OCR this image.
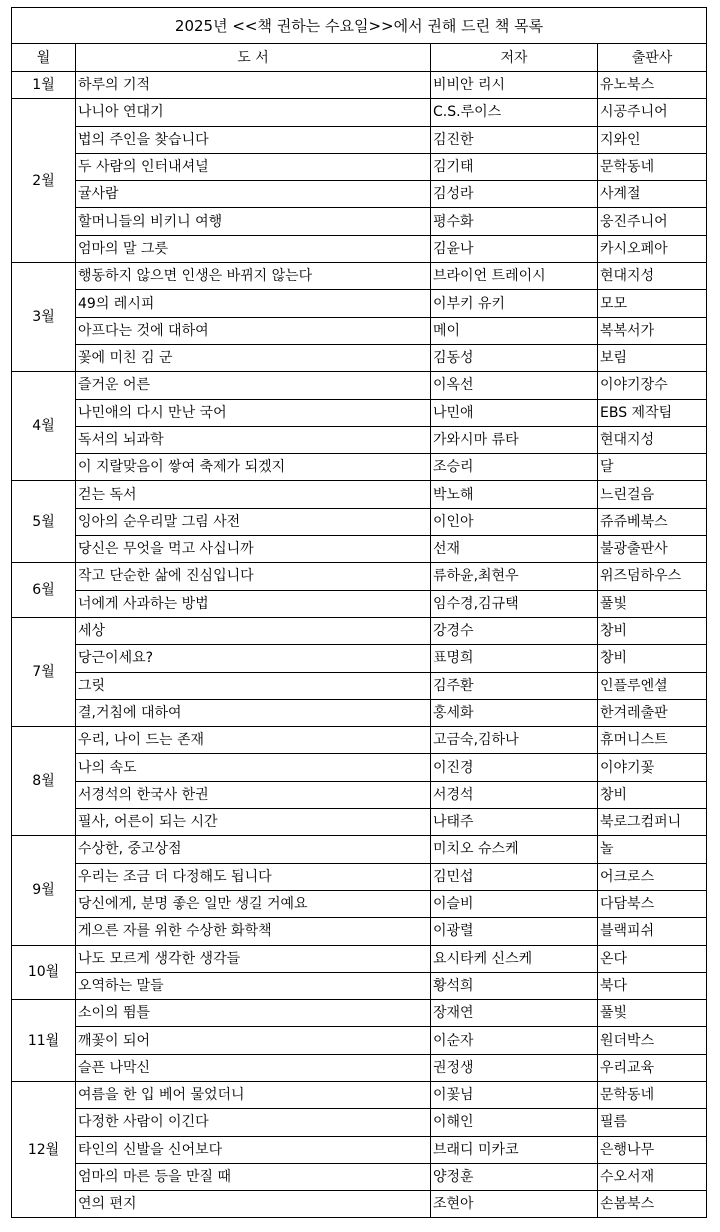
2025년 <<책 권하는 수요일>>에서 권해 드린 책 목록			
월	도 서	저자	출판사
1월	하루의 기적	비비안 리시	유노북스
2월	나니아 연대기	C.S.루이스	시공주니어
	법의 주인을 찾습니다	김진한	지와인
	두 사람의 인터내셔널	김기태	문학동네
	귤사람	김성라	사계절
	할머니들의 비키니 여행	평수화	웅진주니어
	엄마의 말 그릇	김윤나	카시오페아
3월	행동하지 않으면 인생은 바뀌지 않는다	브라이언 트레이시	현대지성
	49의 레시피	이부키 유키	모모
	아프다는 것에 대하여	메이	복복서가
	꽃에 미친 김 군	김동성	보림
4월	즐거운 어른	이옥선	이야기장수
	나민애의 다시 만난 국어	나민애	EBS 제작팀
	독서의 뇌과학	가와시마 류타	현대지성
	이 지랄맞음이 쌓여 축제가 되겠지	조승리	달
5월	걷는 독서	박노해	느린걸음
	잉아의 순우리말 그림 사전	이인아	쥬쥬베북스
	당신은 무엇을 먹고 사십니까	선재	불광출판사
6월	작고 단순한 삶에 진심입니다	류하윤,최현우	위즈덤하우스
	너에게 사과하는 방법	임수경,김규택	풀빛
7월	세상	강경수	창비
	당근이세요?	표명희	창비
	그릿	김주환	인플루엔셜
	결,거침에 대하여	홍세화	한겨레출판
8월	우리, 나이 드는 존재	고금숙,김하나	휴머니스트
	나의 속도	이진경	이야기꽃
	서경석의 한국사 한권	서경석	창비
	필사, 어른이 되는 시간	나태주	북로그컴퍼니
9월	수상한, 중고상점	미치오 슈스케	놀
	우리는 조금 더 다정해도 됩니다	김민섭	어크로스
	당신에게, 분명 좋은 일만 생길 거예요	이슬비	다담북스
	게으른 자를 위한 수상한 화학책	이광렬	블랙피쉬
10월	나도 모르게 생각한 생각들	요시타케 신스케	온다
	오역하는 말들	황석희	북다
11월	소이의 뜀틀	장재연	풀빛
	깨꽃이 되어	이순자	원더박스
	슬픈 나막신	권정생	우리교육
12월	여름을 한 입 베어 물었더니	이꽃님	문학동네
	다정한 사람이 이긴다	이해인	필름
	타인의 신발을 신어보다	브래디 미카코	은행나무
	엄마의 마른 등을 만질 때	양정훈	수오서재
	연의 편지	조현아	손봄북스
